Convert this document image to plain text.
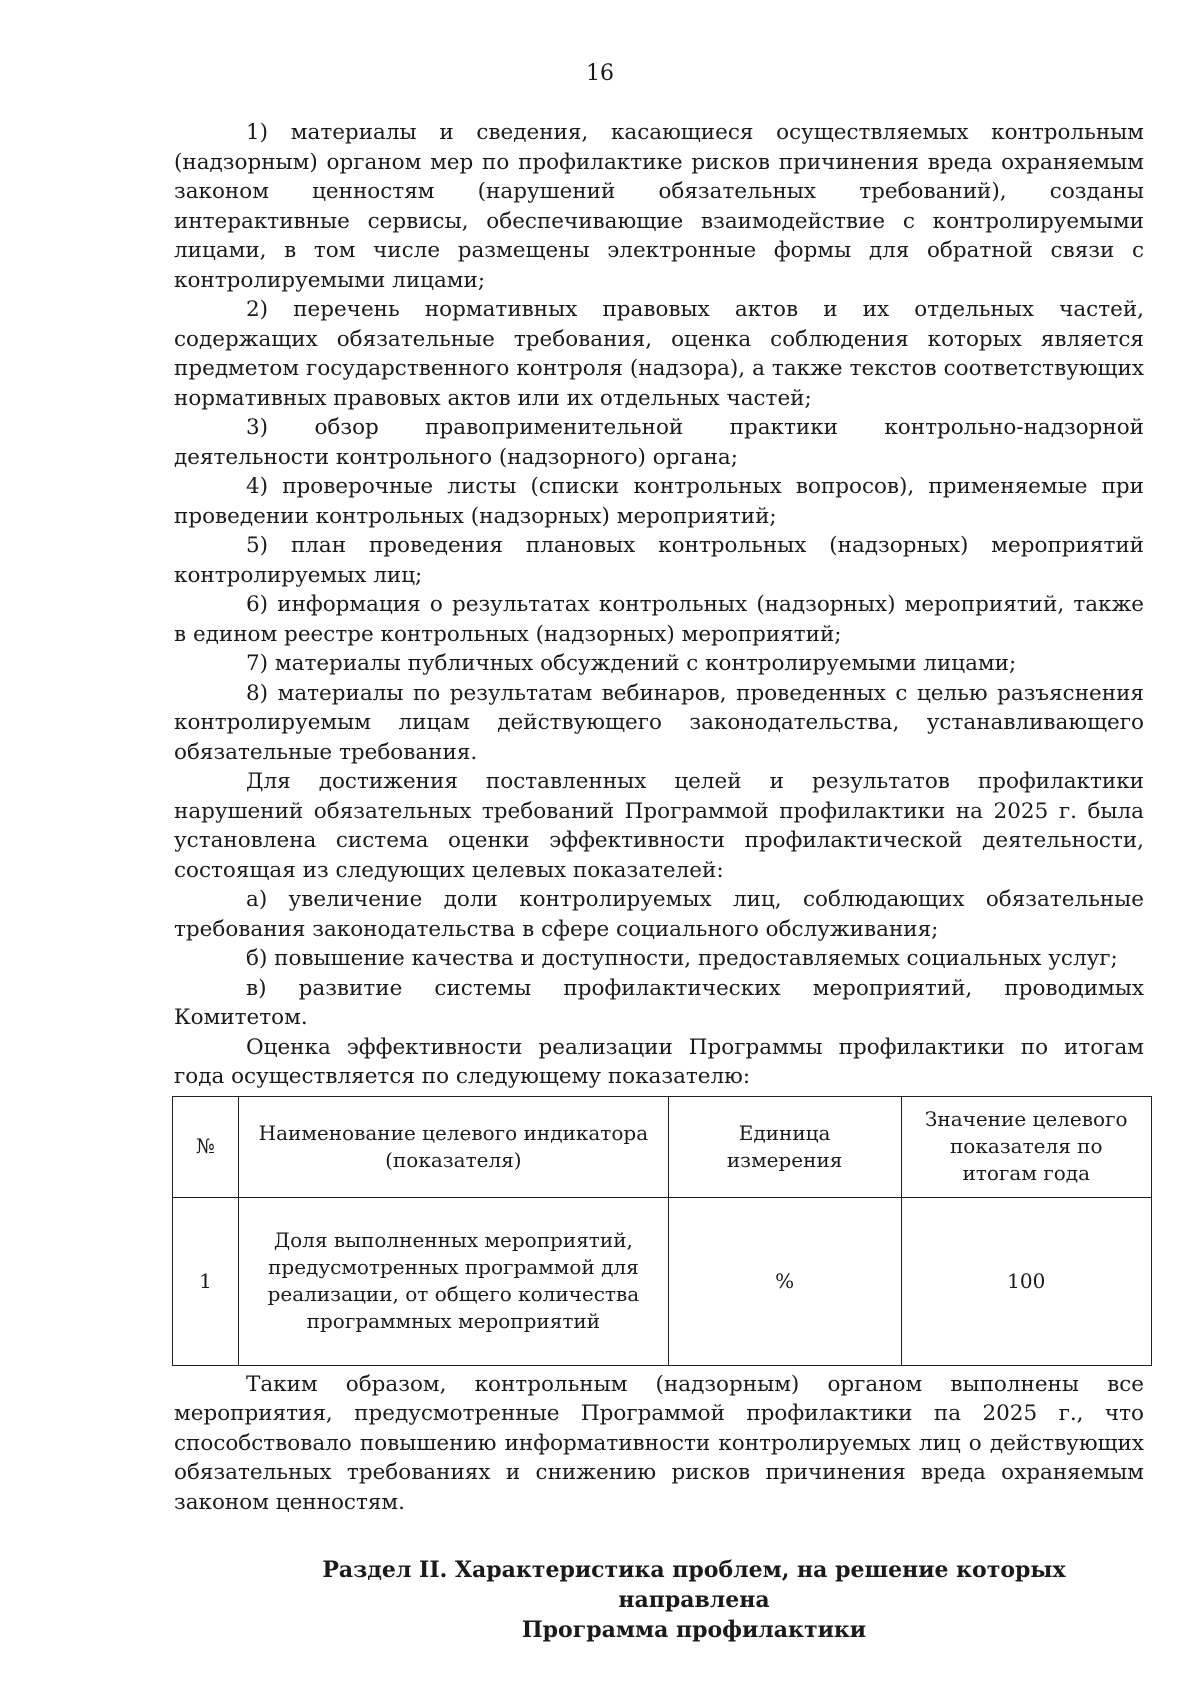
16

1) материалы и сведения, касающиеся осуществляемых контрольным (надзорным) органом мер по профилактике рисков причинения вреда охраняемым законом ценностям (нарушений обязательных требований), созданы интерактивные сервисы, обеспечивающие взаимодействие с контролируемыми лицами, в том числе размещены электронные формы для обратной связи с контролируемыми лицами;

2) перечень нормативных правовых актов и их отдельных частей, содержащих обязательные требования, оценка соблюдения которых является предметом государственного контроля (надзора), а также текстов соответствующих нормативных правовых актов или их отдельных частей;

3) обзор правоприменительной практики контрольно-надзорной деятельности контрольного (надзорного) органа;

4) проверочные листы (списки контрольных вопросов), применяемые при проведении контрольных (надзорных) мероприятий;

5) план проведения плановых контрольных (надзорных) мероприятий контролируемых лиц;

6) информация о результатах контрольных (надзорных) мероприятий, также в едином реестре контрольных (надзорных) мероприятий;

7) материалы публичных обсуждений с контролируемыми лицами;

8) материалы по результатам вебинаров, проведенных с целью разъяснения контролируемым лицам действующего законодательства, устанавливающего обязательные требования.

Для достижения поставленных целей и результатов профилактики нарушений обязательных требований Программой профилактики на 2025 г. была установлена система оценки эффективности профилактической деятельности, состоящая из следующих целевых показателей:

а) увеличение доли контролируемых лиц, соблюдающих обязательные требования законодательства в сфере социального обслуживания;

б) повышение качества и доступности, предоставляемых социальных услуг;

в) развитие системы профилактических мероприятий, проводимых Комитетом.

Оценка эффективности реализации Программы профилактики по итогам года осуществляется по следующему показателю:

№	Наименование целевого индикатора (показателя)	Единица измерения	Значение целевого показателя по итогам года
1	Доля выполненных мероприятий, предусмотренных программой для реализации, от общего количества программных мероприятий	%	100

Таким образом, контрольным (надзорным) органом выполнены все мероприятия, предусмотренные Программой профилактики па 2025 г., что способствовало повышению информативности контролируемых лиц о действующих обязательных требованиях и снижению рисков причинения вреда охраняемым законом ценностям.

Раздел II. Характеристика проблем, на решение которых направлена
Программа профилактики
